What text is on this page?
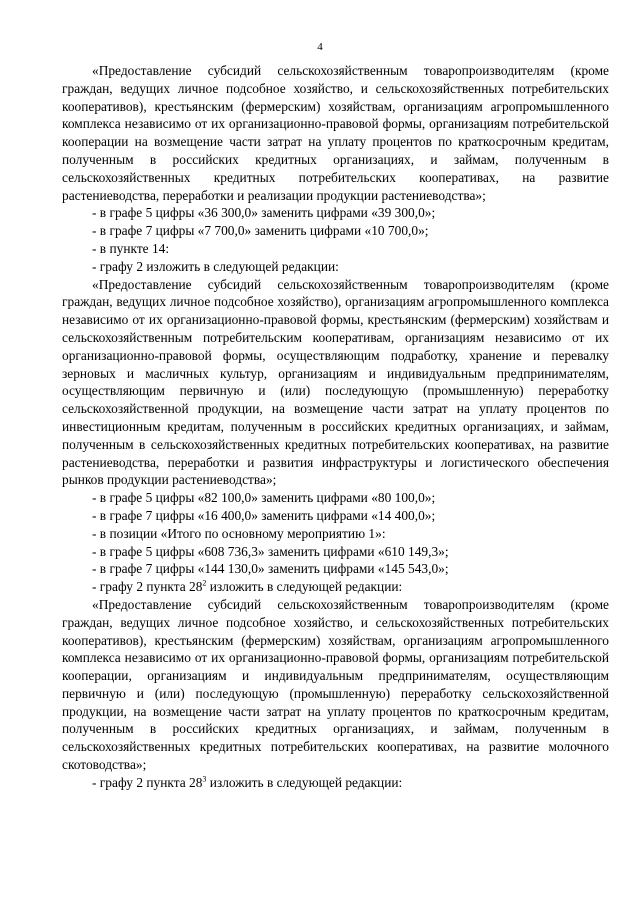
4

«Предоставление субсидий сельскохозяйственным товаропроизводителям (кроме граждан, ведущих личное подсобное хозяйство, и сельскохозяйственных потребительских кооперативов), крестьянским (фермерским) хозяйствам, организациям агропромышленного комплекса независимо от их организационно-правовой формы, организациям потребительской кооперации на возмещение части затрат на уплату процентов по краткосрочным кредитам, полученным в российских кредитных организациях, и займам, полученным в сельскохозяйственных кредитных потребительских кооперативах, на развитие растениеводства, переработки и реализации продукции растениеводства»;

- в графе 5 цифры «36 300,0» заменить цифрами «39 300,0»;

- в графе 7 цифры «7 700,0» заменить цифрами «10 700,0»;

- в пункте 14:

- графу 2 изложить в следующей редакции:

«Предоставление субсидий сельскохозяйственным товаропроизводителям (кроме граждан, ведущих личное подсобное хозяйство), организациям агропромышленного комплекса независимо от их организационно-правовой формы, крестьянским (фермерским) хозяйствам и сельскохозяйственным потребительским кооперативам, организациям независимо от их организационно-правовой формы, осуществляющим подработку, хранение и перевалку зерновых и масличных культур, организациям и индивидуальным предпринимателям, осуществляющим первичную и (или) последующую (промышленную) переработку сельскохозяйственной продукции, на возмещение части затрат на уплату процентов по инвестиционным кредитам, полученным в российских кредитных организациях, и займам, полученным в сельскохозяйственных кредитных потребительских кооперативах, на развитие растениеводства, переработки и развития инфраструктуры и логистического обеспечения рынков продукции растениеводства»;

- в графе 5 цифры «82 100,0» заменить цифрами «80 100,0»;

- в графе 7 цифры «16 400,0» заменить цифрами «14 400,0»;

- в позиции «Итого по основному мероприятию 1»:

- в графе 5 цифры «608 736,3» заменить цифрами «610 149,3»;

- в графе 7 цифры «144 130,0» заменить цифрами «145 543,0»;

- графу 2 пункта $28^2$ изложить в следующей редакции:

«Предоставление субсидий сельскохозяйственным товаропроизводителям (кроме граждан, ведущих личное подсобное хозяйство, и сельскохозяйственных потребительских кооперативов), крестьянским (фермерским) хозяйствам, организациям агропромышленного комплекса независимо от их организационно-правовой формы, организациям потребительской кооперации, организациям и индивидуальным предпринимателям, осуществляющим первичную и (или) последующую (промышленную) переработку сельскохозяйственной продукции, на возмещение части затрат на уплату процентов по краткосрочным кредитам, полученным в российских кредитных организациях, и займам, полученным в сельскохозяйственных кредитных потребительских кооперативах, на развитие молочного скотоводства»;

- графу 2 пункта $28^3$ изложить в следующей редакции:
